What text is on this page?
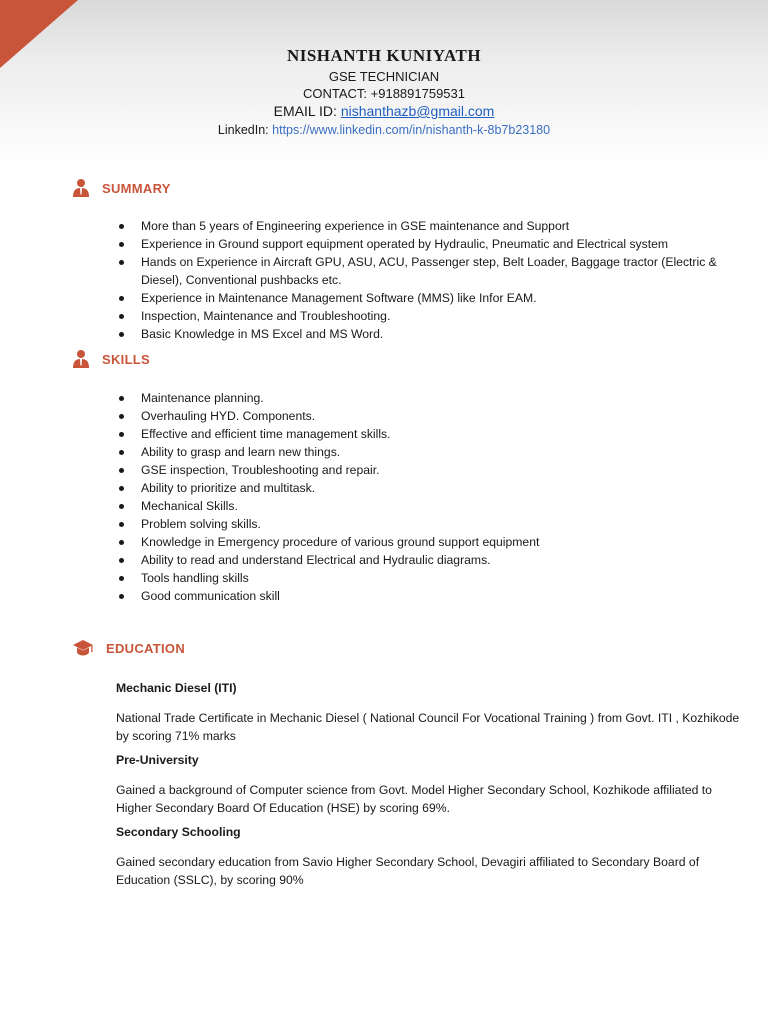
NISHANTH KUNIYATH
GSE TECHNICIAN
CONTACT: +918891759531
EMAIL ID: nishanthazb@gmail.com
LinkedIn: https://www.linkedin.com/in/nishanth-k-8b7b23180
SUMMARY
More than 5 years of Engineering experience in GSE maintenance and Support
Experience in Ground support equipment operated by Hydraulic, Pneumatic and Electrical system
Hands on Experience in Aircraft GPU, ASU, ACU, Passenger step, Belt Loader, Baggage tractor (Electric & Diesel), Conventional pushbacks etc.
Experience in Maintenance Management Software (MMS) like Infor EAM.
Inspection, Maintenance and Troubleshooting.
Basic Knowledge in MS Excel and MS Word.
SKILLS
Maintenance planning.
Overhauling HYD. Components.
Effective and efficient time management skills.
Ability to grasp and learn new things.
GSE inspection, Troubleshooting and repair.
Ability to prioritize and multitask.
Mechanical Skills.
Problem solving skills.
Knowledge in Emergency procedure of various ground support equipment
Ability to read and understand Electrical and Hydraulic diagrams.
Tools handling skills
Good communication skill
EDUCATION

Mechanic Diesel (ITI)

National Trade Certificate in Mechanic Diesel ( National Council For Vocational Training ) from Govt. ITI , Kozhikode by scoring 71% marks

Pre-University

Gained a background of Computer science from Govt. Model Higher Secondary School, Kozhikode affiliated to Higher Secondary Board Of Education (HSE) by scoring 69%.

Secondary Schooling

Gained secondary education from Savio Higher Secondary School, Devagiri affiliated to Secondary Board of Education (SSLC), by scoring 90%
